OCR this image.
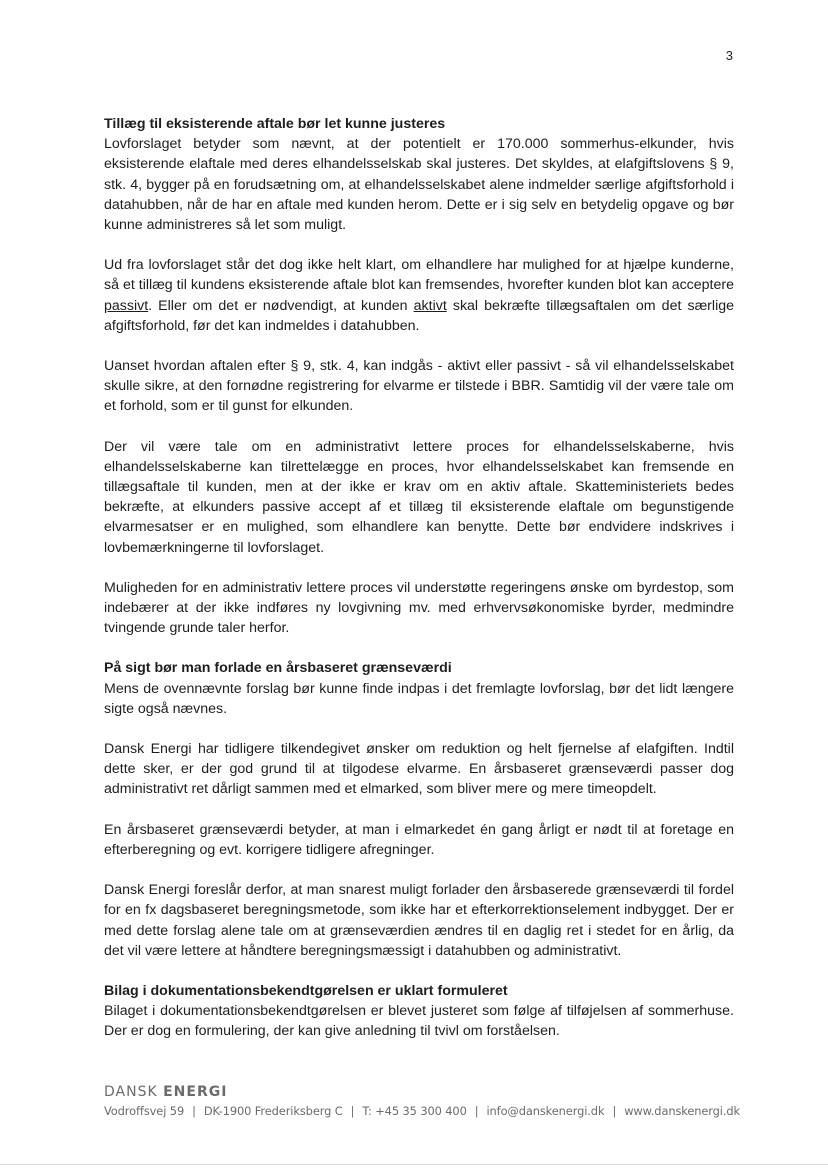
3

Tillæg til eksisterende aftale bør let kunne justeres

Lovforslaget betyder som nævnt, at der potentielt er 170.000 sommerhus-elkunder, hvis eksisterende elaftale med deres elhandelsselskab skal justeres. Det skyldes, at elafgiftslovens § 9, stk. 4, bygger på en forudsætning om, at elhandelsselskabet alene indmelder særlige afgiftsforhold i datahubben, når de har en aftale med kunden herom. Dette er i sig selv en betydelig opgave og bør kunne administreres så let som muligt.

Ud fra lovforslaget står det dog ikke helt klart, om elhandlere har mulighed for at hjælpe kunderne, så et tillæg til kundens eksisterende aftale blot kan fremsendes, hvorefter kunden blot kan acceptere passivt. Eller om det er nødvendigt, at kunden aktivt skal bekræfte tillægsaftalen om det særlige afgiftsforhold, før det kan indmeldes i datahubben.

Uanset hvordan aftalen efter § 9, stk. 4, kan indgås - aktivt eller passivt - så vil elhandelsselskabet skulle sikre, at den fornødne registrering for elvarme er tilstede i BBR. Samtidig vil der være tale om et forhold, som er til gunst for elkunden.

Der vil være tale om en administrativt lettere proces for elhandelsselskaberne, hvis elhandelsselskaberne kan tilrettelægge en proces, hvor elhandelsselskabet kan fremsende en tillægsaftale til kunden, men at der ikke er krav om en aktiv aftale. Skatteministeriets bedes bekræfte, at elkunders passive accept af et tillæg til eksisterende elaftale om begunstigende elvarmesatser er en mulighed, som elhandlere kan benytte. Dette bør endvidere indskrives i lovbemærkningerne til lovforslaget.

Muligheden for en administrativ lettere proces vil understøtte regeringens ønske om byrdestop, som indebærer at der ikke indføres ny lovgivning mv. med erhvervsøkonomiske byrder, medmindre tvingende grunde taler herfor.

På sigt bør man forlade en årsbaseret grænseværdi

Mens de ovennævnte forslag bør kunne finde indpas i det fremlagte lovforslag, bør det lidt længere sigte også nævnes.

Dansk Energi har tidligere tilkendegivet ønsker om reduktion og helt fjernelse af elafgiften. Indtil dette sker, er der god grund til at tilgodese elvarme. En årsbaseret grænseværdi passer dog administrativt ret dårligt sammen med et elmarked, som bliver mere og mere timeopdelt.

En årsbaseret grænseværdi betyder, at man i elmarkedet én gang årligt er nødt til at foretage en efterberegning og evt. korrigere tidligere afregninger.

Dansk Energi foreslår derfor, at man snarest muligt forlader den årsbaserede grænseværdi til fordel for en fx dagsbaseret beregningsmetode, som ikke har et efterkorrektionselement indbygget. Der er med dette forslag alene tale om at grænseværdien ændres til en daglig ret i stedet for en årlig, da det vil være lettere at håndtere beregningsmæssigt i datahubben og administrativt.

Bilag i dokumentationsbekendtgørelsen er uklart formuleret

Bilaget i dokumentationsbekendtgørelsen er blevet justeret som følge af tilføjelsen af sommerhuse. Der er dog en formulering, der kan give anledning til tvivl om forståelsen.

DANSK ENERGI
Vodroffsvej 59 | DK-1900 Frederiksberg C | T: +45 35 300 400 | info@danskenergi.dk | www.danskenergi.dk
